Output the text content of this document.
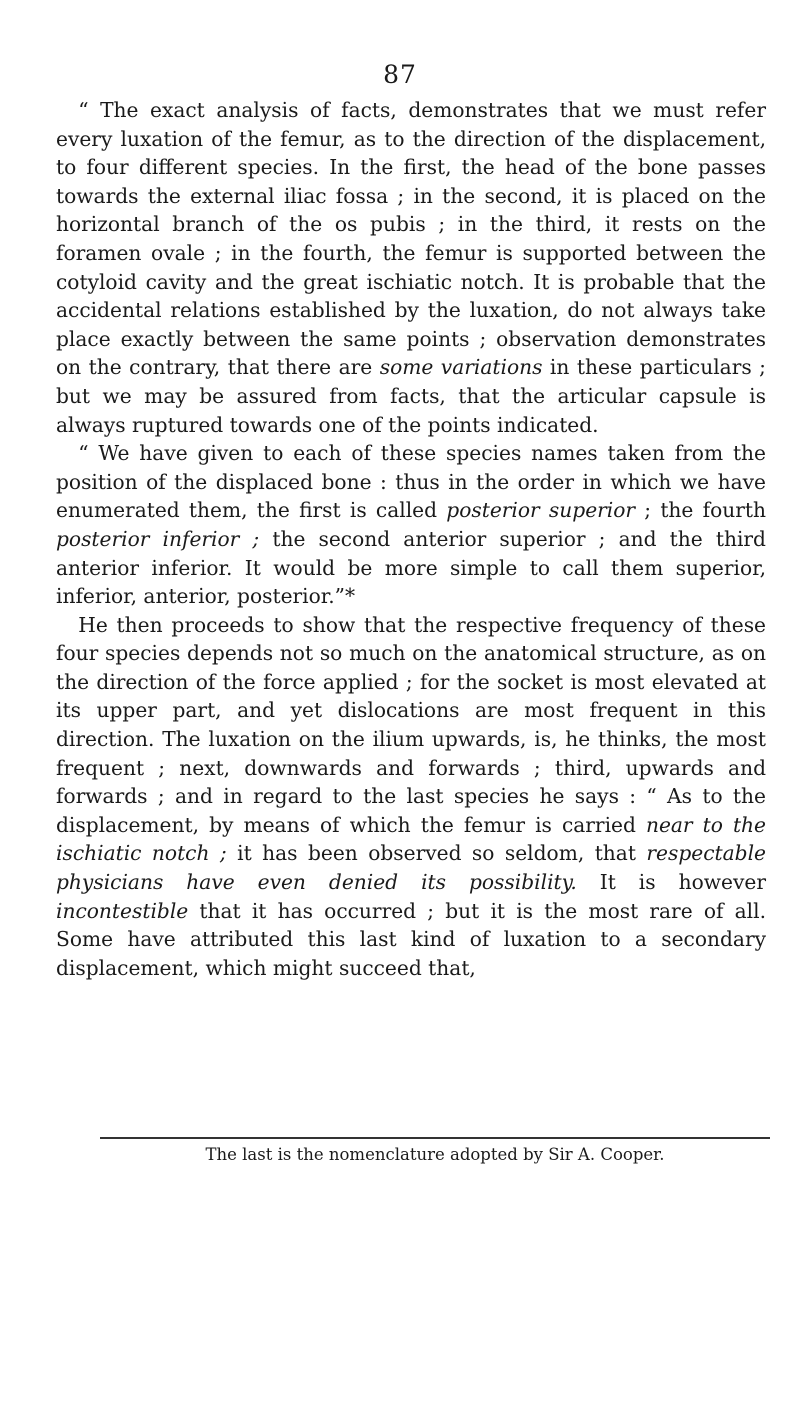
87

“ The exact analysis of facts, demonstrates that we must refer every luxation of the femur, as to the direction of the displacement, to four different species. In the first, the head of the bone passes towards the external iliac fossa ; in the second, it is placed on the horizontal branch of the os pubis ; in the third, it rests on the foramen ovale ; in the fourth, the femur is supported between the cotyloid cavity and the great ischiatic notch. It is probable that the accidental relations established by the luxation, do not always take place exactly between the same points ; observation demonstrates on the contrary, that there are some variations in these particulars ; but we may be assured from facts, that the articular capsule is always ruptured towards one of the points indicated.

“ We have given to each of these species names taken from the position of the displaced bone : thus in the order in which we have enumerated them, the first is called posterior superior ; the fourth posterior inferior ; the second anterior superior ; and the third anterior inferior. It would be more simple to call them superior, inferior, anterior, posterior.”*

He then proceeds to show that the respective frequency of these four species depends not so much on the anatomical structure, as on the direction of the force applied ; for the socket is most elevated at its upper part, and yet dislocations are most frequent in this direction. The luxation on the ilium upwards, is, he thinks, the most frequent ; next, downwards and forwards ; third, upwards and forwards ; and in regard to the last species he says : “ As to the displacement, by means of which the femur is carried near to the ischiatic notch ; it has been observed so seldom, that respectable physicians have even denied its possibility. It is however incontestible that it has occurred ; but it is the most rare of all. Some have attributed this last kind of luxation to a secondary displacement, which might succeed that,

The last is the nomenclature adopted by Sir A. Cooper.
